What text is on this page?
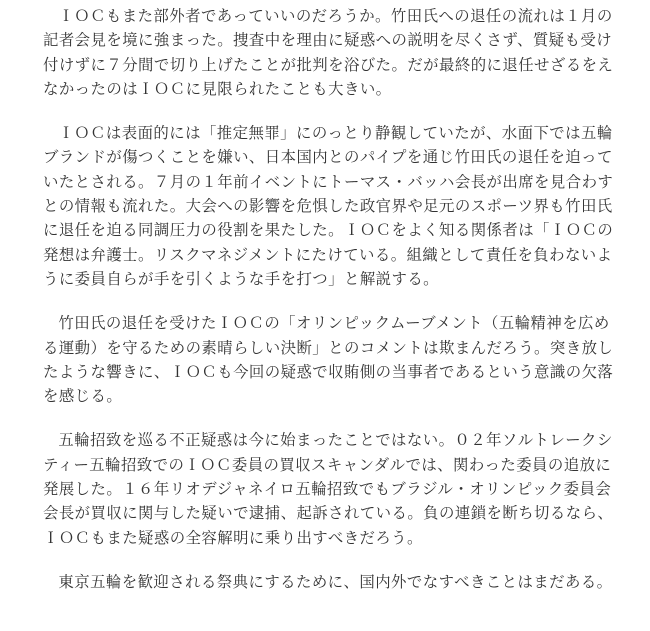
ＩＯＣもまた部外者であっていいのだろうか。竹田氏への退任の流れは１月の記者会見を境に強まった。捜査中を理由に疑惑への説明を尽くさず、質疑も受け付けずに７分間で切り上げたことが批判を浴びた。だが最終的に退任せざるをえなかったのはＩＯＣに見限られたことも大きい。

ＩＯＣは表面的には「推定無罪」にのっとり静観していたが、水面下では五輪ブランドが傷つくことを嫌い、日本国内とのパイプを通じ竹田氏の退任を迫っていたとされる。７月の１年前イベントにトーマス・バッハ会長が出席を見合わすとの情報も流れた。大会への影響を危惧した政官界や足元のスポーツ界も竹田氏に退任を迫る同調圧力の役割を果たした。ＩＯＣをよく知る関係者は「ＩＯＣの発想は弁護士。リスクマネジメントにたけている。組織として責任を負わないように委員自らが手を引くような手を打つ」と解説する。

竹田氏の退任を受けたＩＯＣの「オリンピックムーブメント（五輪精神を広める運動）を守るための素晴らしい決断」とのコメントは欺まんだろう。突き放したような響きに、ＩＯＣも今回の疑惑で収賄側の当事者であるという意識の欠落を感じる。

五輪招致を巡る不正疑惑は今に始まったことではない。０２年ソルトレークシティー五輪招致でのＩＯＣ委員の買収スキャンダルでは、関わった委員の追放に発展した。１６年リオデジャネイロ五輪招致でもブラジル・オリンピック委員会会長が買収に関与した疑いで逮捕、起訴されている。負の連鎖を断ち切るなら、ＩＯＣもまた疑惑の全容解明に乗り出すべきだろう。

東京五輪を歓迎される祭典にするために、国内外でなすべきことはまだある。
